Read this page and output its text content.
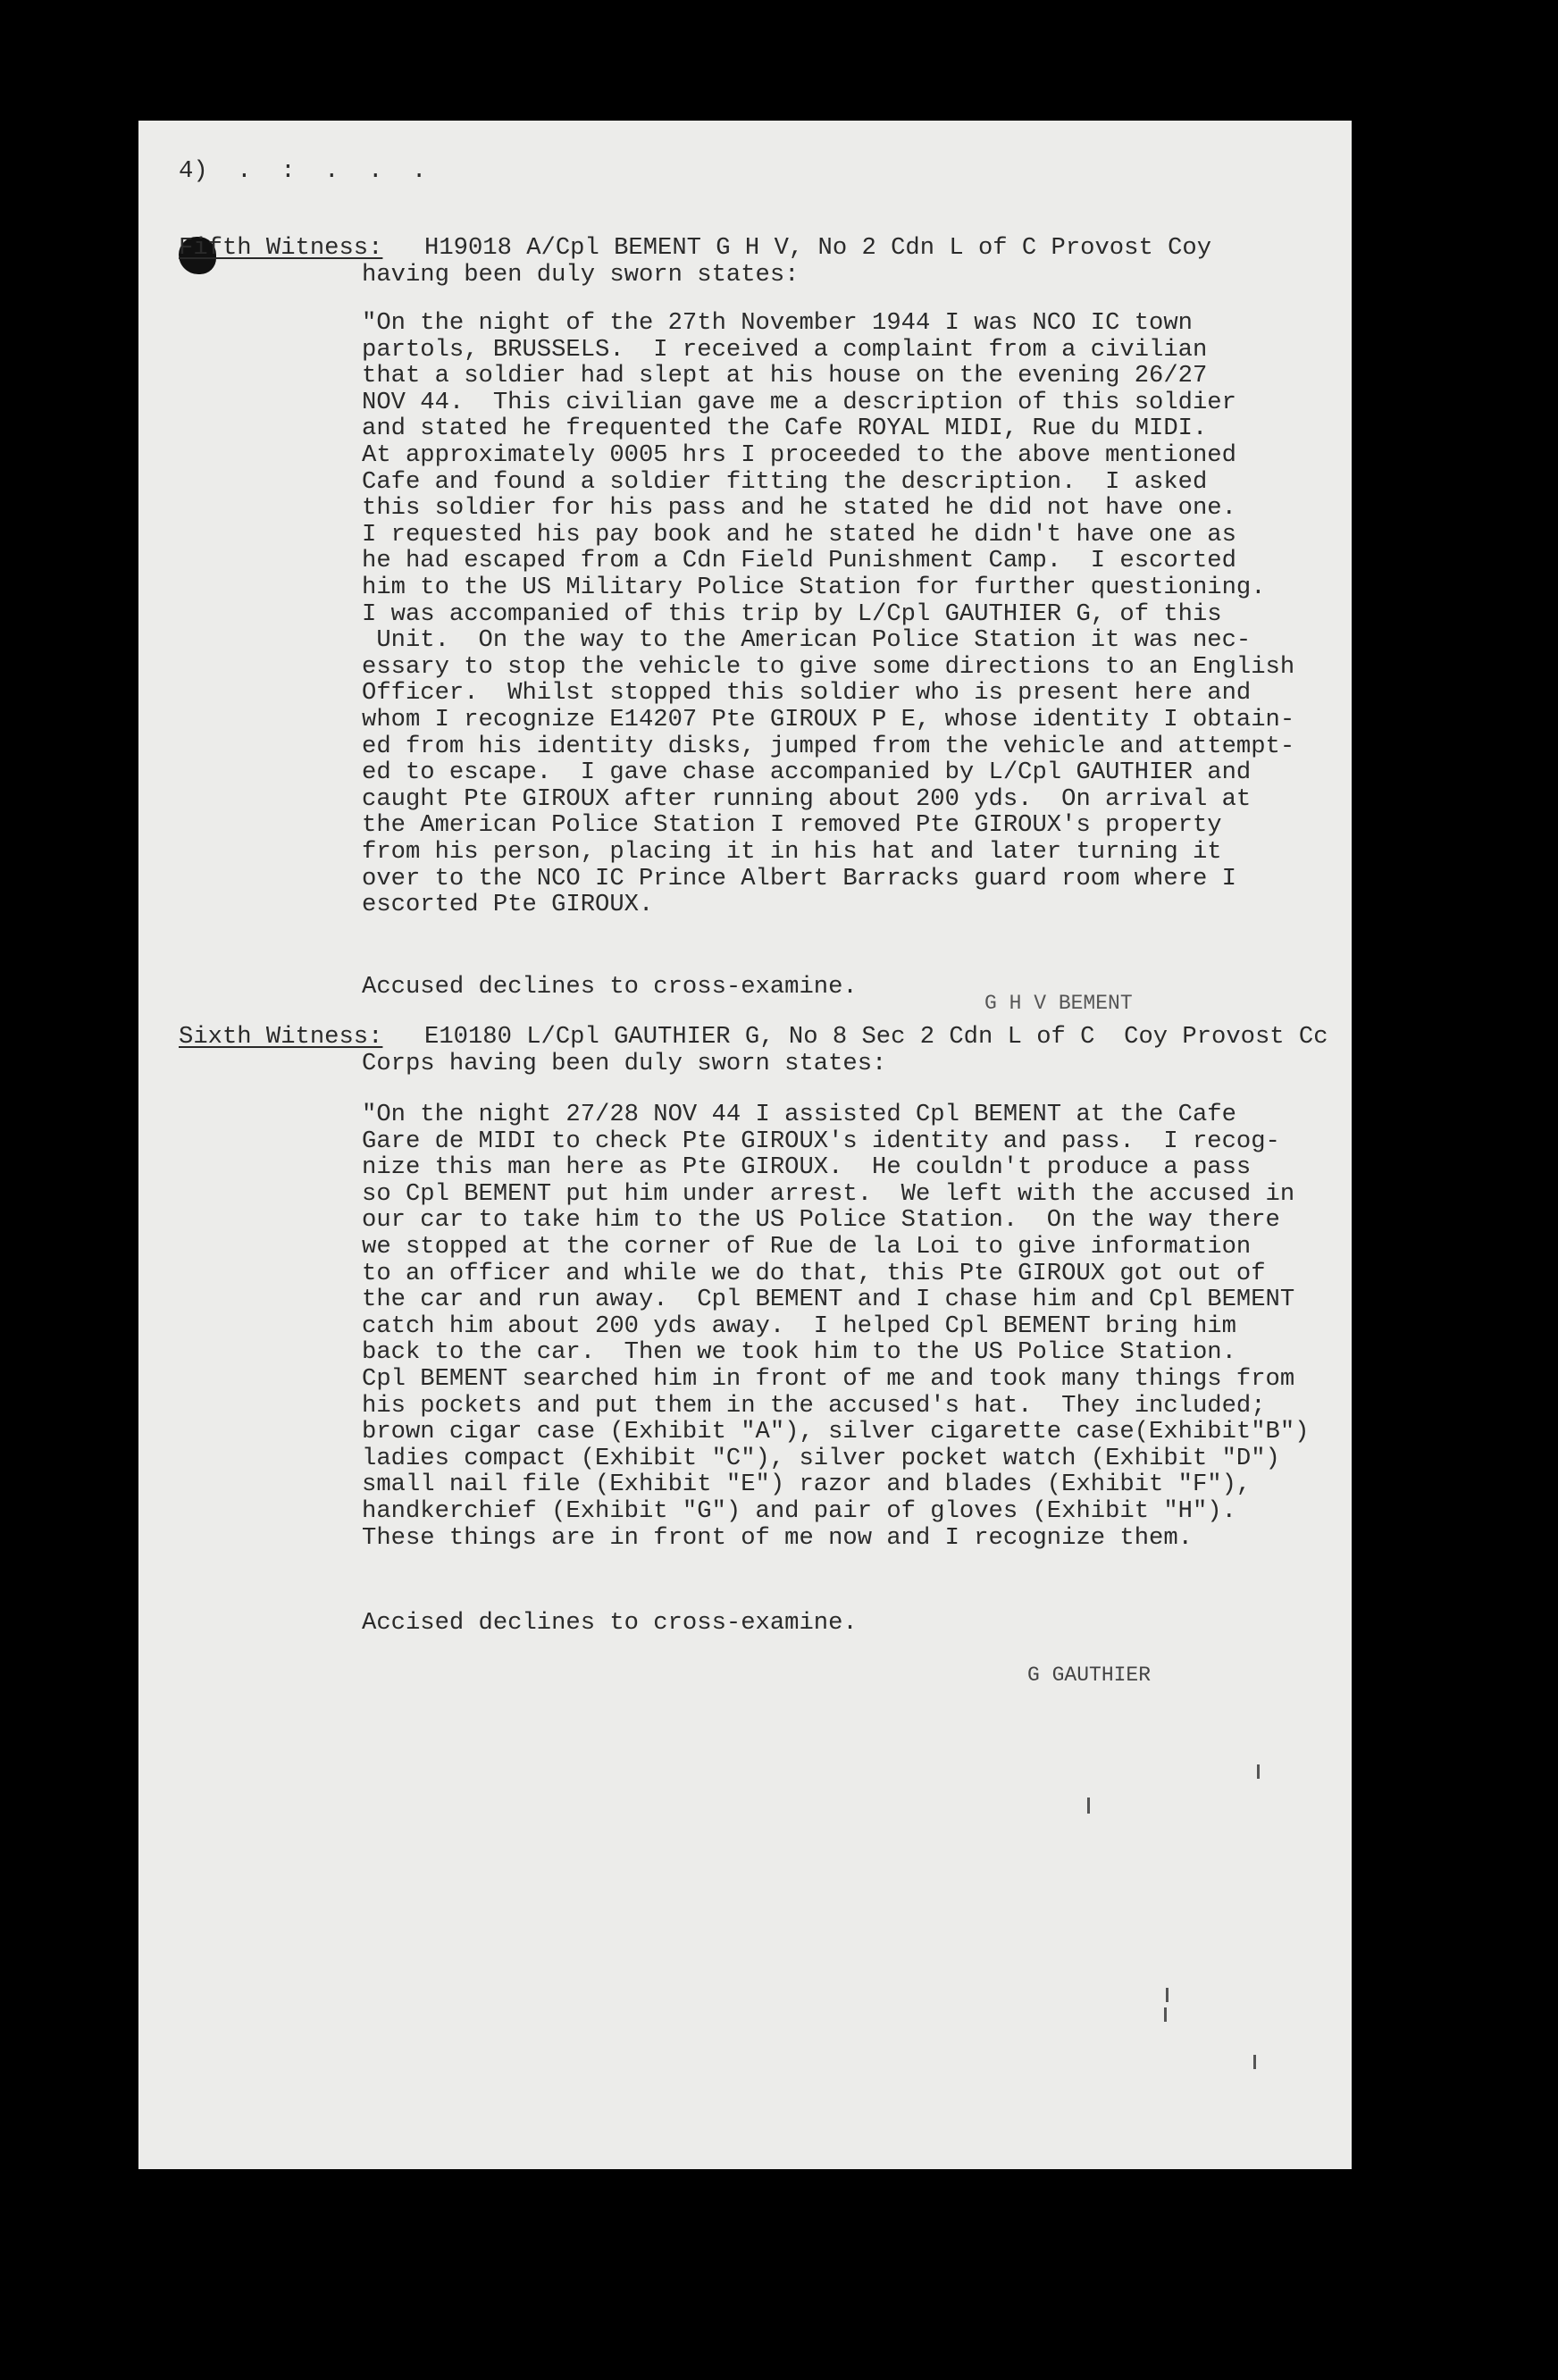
4)  .  :  .  .  .
Fifth Witness: H19018 A/Cpl BEMENT G H V, No 2 Cdn L of C Provost Coy
having been duly sworn states:
"On the night of the 27th November 1944 I was NCO IC town
partols, BRUSSELS.  I received a complaint from a civilian
that a soldier had slept at his house on the evening 26/27
NOV 44.  This civilian gave me a description of this soldier
and stated he frequented the Cafe ROYAL MIDI, Rue du MIDI.
At approximately 0005 hrs I proceeded to the above mentioned
Cafe and found a soldier fitting the description.  I asked
this soldier for his pass and he stated he did not have one.
I requested his pay book and he stated he didn't have one as
he had escaped from a Cdn Field Punishment Camp.  I escorted
him to the US Military Police Station for further questioning.
I was accompanied of this trip by L/Cpl GAUTHIER G, of this
Unit.  On the way to the American Police Station it was nec-
essary to stop the vehicle to give some directions to an English
Officer.  Whilst stopped this soldier who is present here and
whom I recognize E14207 Pte GIROUX P E, whose identity I obtain-
ed from his identity disks, jumped from the vehicle and attempt-
ed to escape.  I gave chase accompanied by L/Cpl GAUTHIER and
caught Pte GIROUX after running about 200 yds.  On arrival at
the American Police Station I removed Pte GIROUX's property
from his person, placing it in his hat and later turning it
over to the NCO IC Prince Albert Barracks guard room where I
escorted Pte GIROUX.
Accused declines to cross-examine.
G H V BEMENT
Sixth Witness: E10180 L/Cpl GAUTHIER G, No 8 Sec 2 Cdn L of C  Coy Provost Cc
Corps having been duly sworn states:
"On the night 27/28 NOV 44 I assisted Cpl BEMENT at the Cafe
Gare de MIDI to check Pte GIROUX's identity and pass.  I recog-
nize this man here as Pte GIROUX.  He couldn't produce a pass
so Cpl BEMENT put him under arrest.  We left with the accused in
our car to take him to the US Police Station.  On the way there
we stopped at the corner of Rue de la Loi to give information
to an officer and while we do that, this Pte GIROUX got out of
the car and run away.  Cpl BEMENT and I chase him and Cpl BEMENT
catch him about 200 yds away.  I helped Cpl BEMENT bring him
back to the car.  Then we took him to the US Police Station.
Cpl BEMENT searched him in front of me and took many things from
his pockets and put them in the accused's hat.  They included;
brown cigar case (Exhibit "A"), silver cigarette case(Exhibit"B")
ladies compact (Exhibit "C"), silver pocket watch (Exhibit "D")
small nail file (Exhibit "E") razor and blades (Exhibit "F"),
handkerchief (Exhibit "G") and pair of gloves (Exhibit "H").
These things are in front of me now and I recognize them.
Accised declines to cross-examine.
G GAUTHIER
